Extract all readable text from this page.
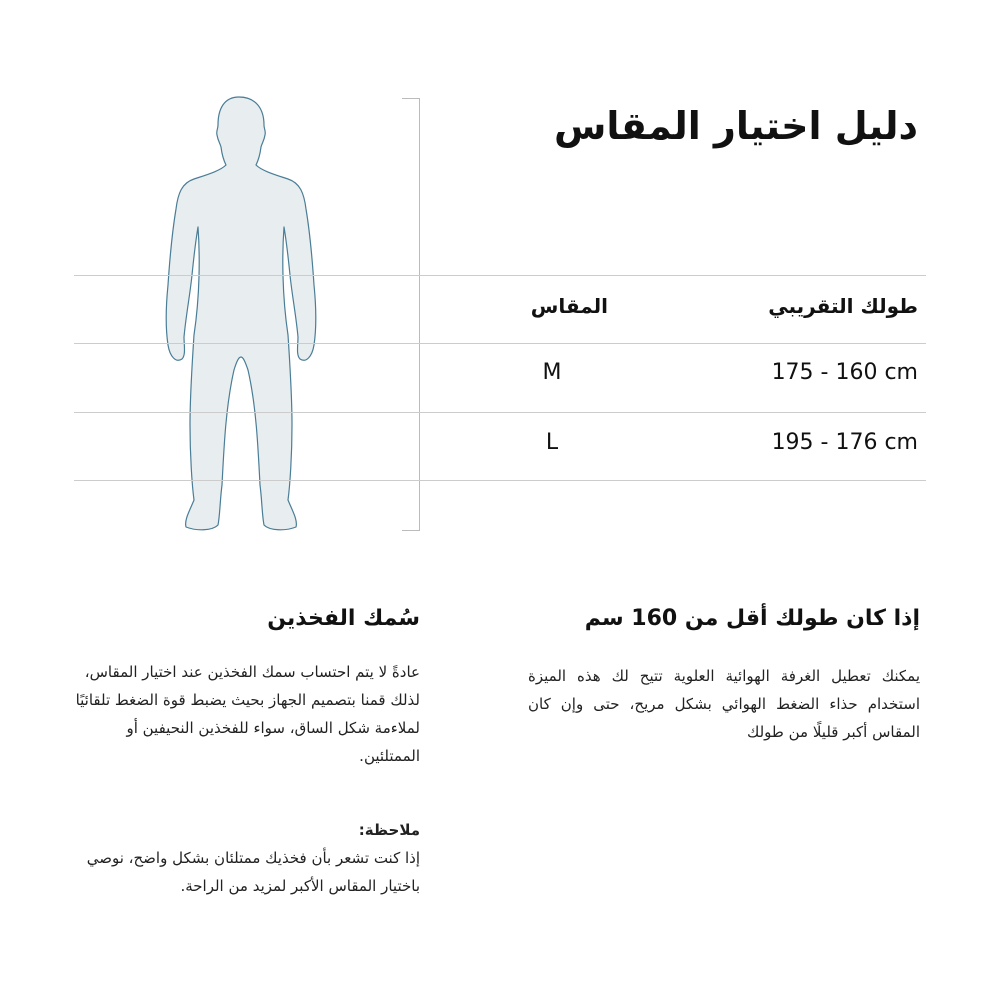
دليل اختيار المقاس
طولك التقريبي
المقاس
175 - 160 cm
M
195 - 176 cm
L
إذا كان طولك أقل من 160 سم
يمكنك تعطيل الغرفة الهوائية العلوية تتيح لك هذه الميزة استخدام حذاء الضغط الهوائي بشكل مريح، حتى وإن كان المقاس أكبر قليلًا من طولك
سُمك الفخذين
عادةً لا يتم احتساب سمك الفخذين عند اختيار المقاس، لذلك قمنا بتصميم الجهاز بحيث يضبط قوة الضغط تلقائيًا لملاءمة شكل الساق، سواء للفخذين النحيفين أو الممتلئين.
ملاحظة:
إذا كنت تشعر بأن فخذيك ممتلئان بشكل واضح، نوصي باختيار المقاس الأكبر لمزيد من الراحة.
